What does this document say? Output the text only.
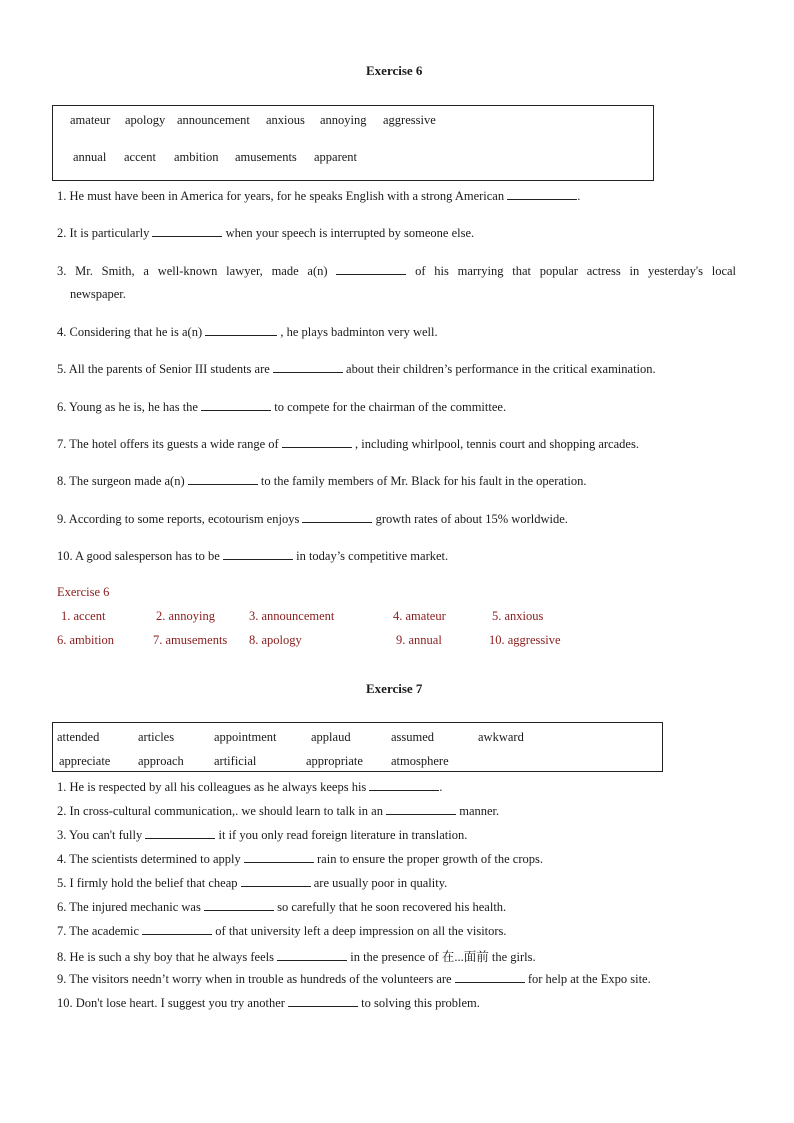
Exercise 6
amateur apology announcement anxious annoying aggressive
annual accent ambition amusements apparent
1. He must have been in America for years, for he speaks English with a strong American	.
2. It is particularly	when your speech is interrupted by someone else.
3. Mr. Smith, a well-known lawyer, made a(n)	of his marrying that popular actress in yesterday's local
newspaper.
4. Considering that he is a(n)	, he plays badminton very well.
5. All the parents of Senior III students are	about their children’s performance in the critical examination.
6. Young as he is, he has the	to compete for the chairman of the committee.
7. The hotel offers its guests a wide range of	, including whirlpool, tennis court and shopping arcades.
8. The surgeon made a(n)	to the family members of Mr. Black for his fault in the operation.
9. According to some reports, ecotourism enjoys	growth rates of about 15% worldwide.
10. A good salesperson has to be	in today’s competitive market.
Exercise 6
1. accent	2. annoying	3. announcement	4. amateur	5. anxious
6. ambition	7. amusements 8. apology	9. annual	10. aggressive
Exercise 7
attended	articles	appointment	applaud	assumed	awkward
appreciate approach artificial	appropriate atmosphere
1. He is respected by all his colleagues as he always keeps his	.
2. In cross-cultural communication,. we should learn to talk in an	manner.
3. You can't fully	it if you only read foreign literature in translation.
4. The scientists determined to apply	rain to ensure the proper growth of the crops.
5. I firmly hold the belief that cheap	are usually poor in quality.
6. The injured mechanic was	so carefully that he soon recovered his health.
7. The academic	of that university left a deep impression on all the visitors.
8. He is such a shy boy that he always feels	in the presence of 在...面前 the girls.
9. The visitors needn’t worry when in trouble as hundreds of the volunteers are	for help at the Expo site.
10. Don't lose heart. I suggest you try another	to solving this problem.
